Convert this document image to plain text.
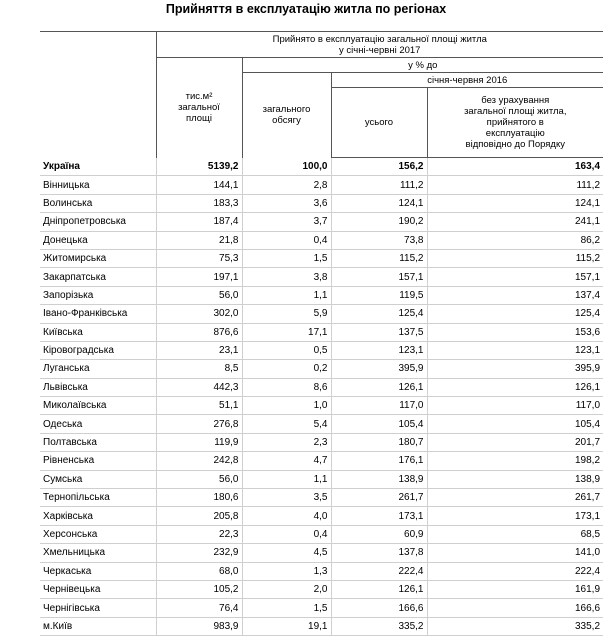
Прийняття в експлуатацію житла по регіонах

	Прийнято в експлуатацію загальної площі житла
у січні-червні 2017			

	тис.м²
загальної
площі	у % до		

		загального
обсягу	січня-червня 2016	
			усього	без урахування
загальної площі житла,
прийнятого в
експлуатацію
відповідно до Порядку

Україна	5139,2	100,0	156,2	163,4
Вінницька	144,1	2,8	111,2	111,2
Волинська	183,3	3,6	124,1	124,1
Дніпропетровська	187,4	3,7	190,2	241,1
Донецька	21,8	0,4	73,8	86,2
Житомирська	75,3	1,5	115,2	115,2
Закарпатська	197,1	3,8	157,1	157,1
Запорізька	56,0	1,1	119,5	137,4
Івано-Франківська	302,0	5,9	125,4	125,4
Київська	876,6	17,1	137,5	153,6
Кіровоградська	23,1	0,5	123,1	123,1
Луганська	8,5	0,2	395,9	395,9
Львівська	442,3	8,6	126,1	126,1
Миколаївська	51,1	1,0	117,0	117,0
Одеська	276,8	5,4	105,4	105,4
Полтавська	119,9	2,3	180,7	201,7
Рівненська	242,8	4,7	176,1	198,2
Сумська	56,0	1,1	138,9	138,9
Тернопільська	180,6	3,5	261,7	261,7
Харківська	205,8	4,0	173,1	173,1
Херсонська	22,3	0,4	60,9	68,5
Хмельницька	232,9	4,5	137,8	141,0
Черкаська	68,0	1,3	222,4	222,4
Чернівецька	105,2	2,0	126,1	161,9
Чернігівська	76,4	1,5	166,6	166,6
м.Київ	983,9	19,1	335,2	335,2
